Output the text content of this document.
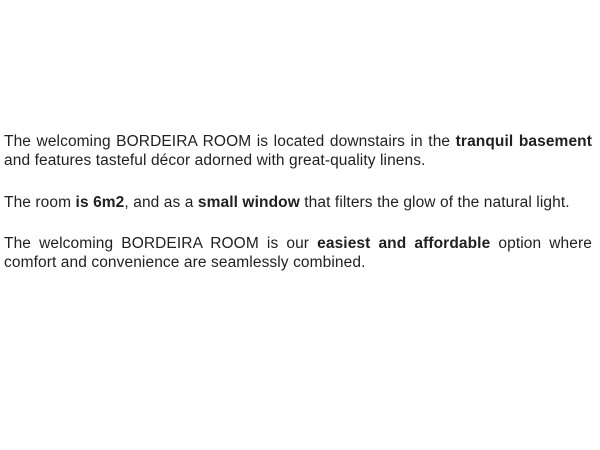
The welcoming BORDEIRA ROOM is located downstairs in the tranquil basement and features tasteful décor adorned with great-quality linens.

The room is 6m2, and as a small window that filters the glow of the natural light.

The welcoming BORDEIRA ROOM is our easiest and affordable option where comfort and convenience are seamlessly combined.
